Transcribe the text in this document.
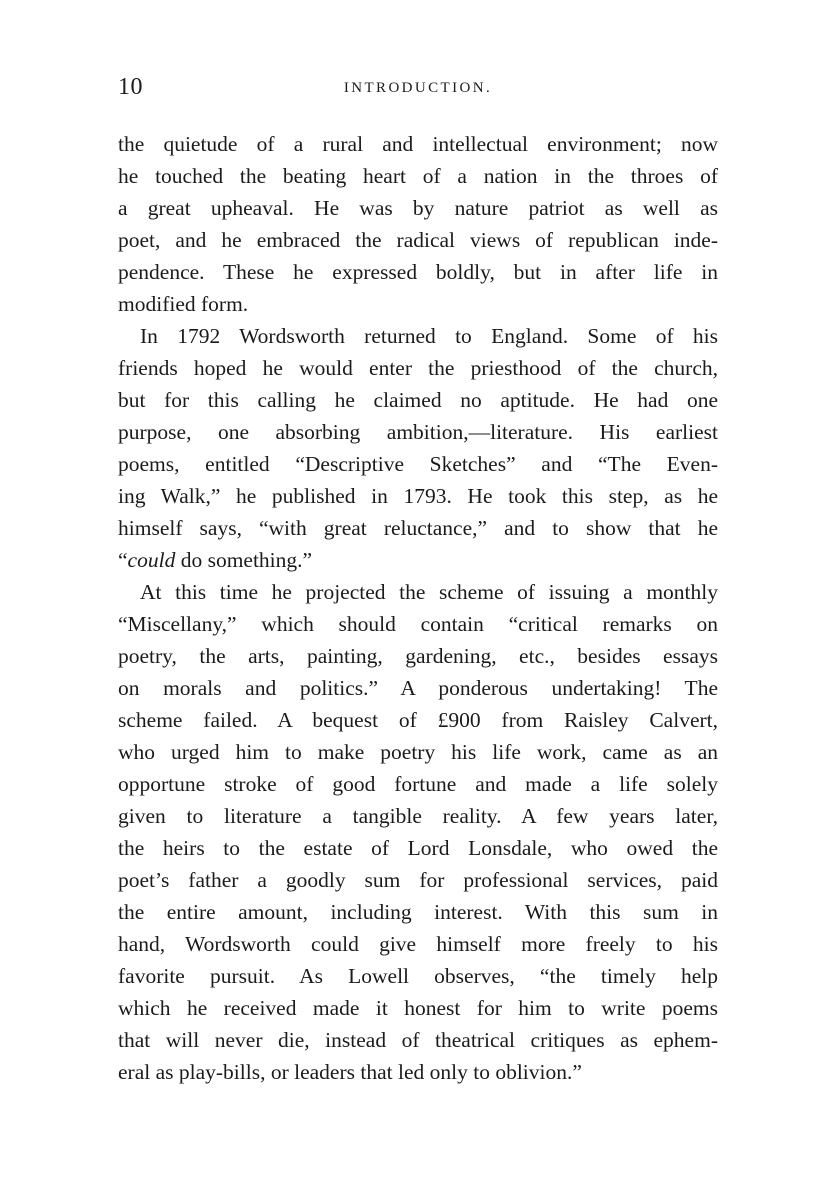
10	INTRODUCTION.
the quietude of a rural and intellectual environment; now
he touched the beating heart of a nation in the throes of
a great upheaval. He was by nature patriot as well as
poet, and he embraced the radical views of republican inde-
pendence. These he expressed boldly, but in after life in
modified form.
In 1792 Wordsworth returned to England. Some of his
friends hoped he would enter the priesthood of the church,
but for this calling he claimed no aptitude. He had one
purpose, one absorbing ambition,—literature. His earliest
poems, entitled “Descriptive Sketches” and “The Even-
ing Walk,” he published in 1793. He took this step, as he
himself says, “with great reluctance,” and to show that he
“could do something.”
At this time he projected the scheme of issuing a monthly
“Miscellany,” which should contain “critical remarks on
poetry, the arts, painting, gardening, etc., besides essays
on morals and politics.” A ponderous undertaking! The
scheme failed. A bequest of £900 from Raisley Calvert,
who urged him to make poetry his life work, came as an
opportune stroke of good fortune and made a life solely
given to literature a tangible reality. A few years later,
the heirs to the estate of Lord Lonsdale, who owed the
poet’s father a goodly sum for professional services, paid
the entire amount, including interest. With this sum in
hand, Wordsworth could give himself more freely to his
favorite pursuit. As Lowell observes, “the timely help
which he received made it honest for him to write poems
that will never die, instead of theatrical critiques as ephem-
eral as play-bills, or leaders that led only to oblivion.”
